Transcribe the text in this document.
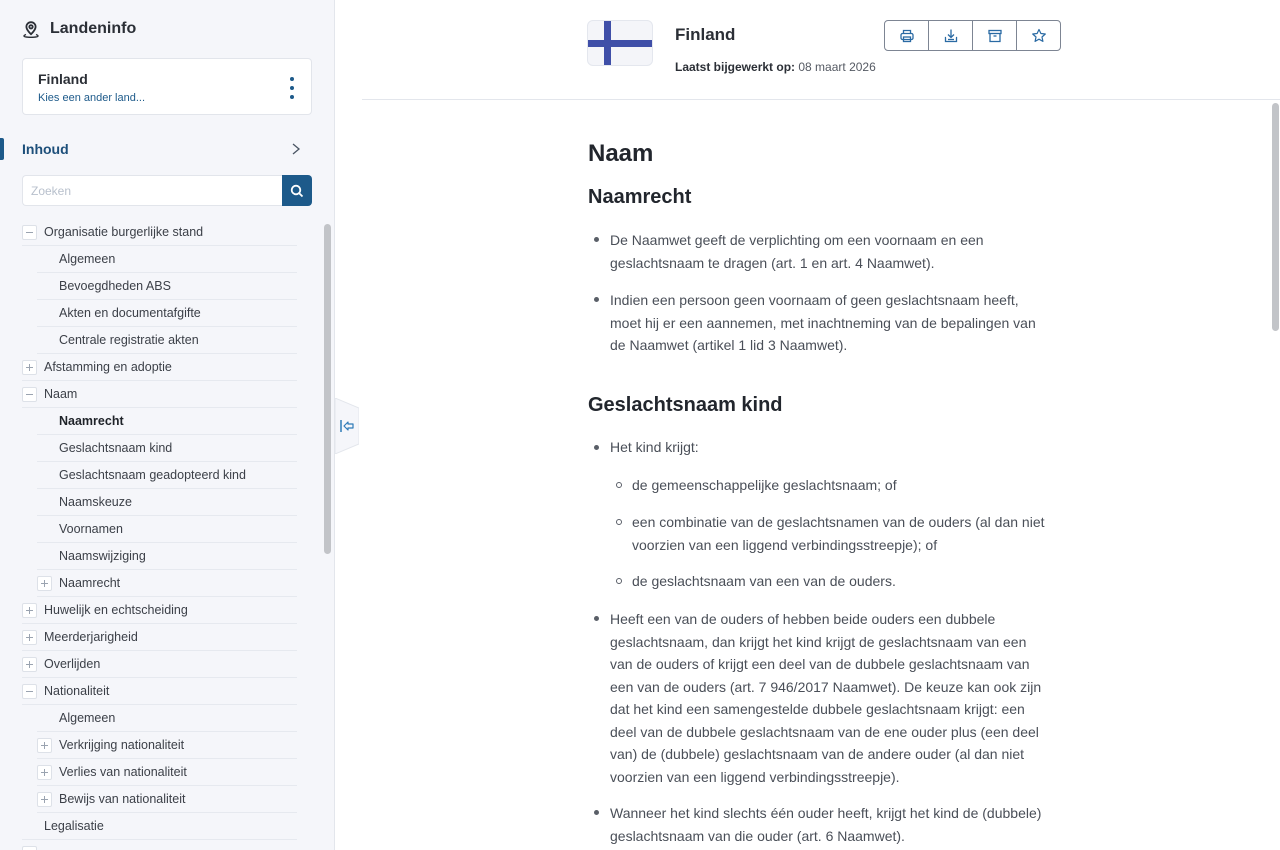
Landeninfo
Finland
Kies een ander land...
Inhoud
Zoeken
Organisatie burgerlijke stand
Algemeen
Bevoegdheden ABS
Akten en documentafgifte
Centrale registratie akten
Afstamming en adoptie
Naam
Naamrecht
Geslachtsnaam kind
Geslachtsnaam geadopteerd kind
Naamskeuze
Voornamen
Naamswijziging
Naamrecht
Huwelijk en echtscheiding
Meerderjarigheid
Overlijden
Nationaliteit
Algemeen
Verkrijging nationaliteit
Verlies van nationaliteit
Bewijs van nationaliteit
Legalisatie
Finland
Laatst bijgewerkt op: 08 maart 2026
Naam
Naamrecht

De Naamwet geeft de verplichting om een voornaam en een geslachtsnaam te dragen (art. 1 en art. 4 Naamwet).

Indien een persoon geen voornaam of geen geslachtsnaam heeft, moet hij er een aannemen, met inachtneming van de bepalingen van de Naamwet (artikel 1 lid 3 Naamwet).

Geslachtsnaam kind

Het kind krijgt:

de gemeenschappelijke geslachtsnaam; of

een combinatie van de geslachtsnamen van de ouders (al dan niet voorzien van een liggend verbindingsstreepje); of

de geslachtsnaam van een van de ouders.

Heeft een van de ouders of hebben beide ouders een dubbele geslachtsnaam, dan krijgt het kind krijgt de geslachtsnaam van een van de ouders of krijgt een deel van de dubbele geslachtsnaam van een van de ouders (art. 7 946/2017 Naamwet). De keuze kan ook zijn dat het kind een samengestelde dubbele geslachtsnaam krijgt: een deel van de dubbele geslachtsnaam van de ene ouder plus (een deel van) de (dubbele) geslachtsnaam van de andere ouder (al dan niet voorzien van een liggend verbindingsstreepje).

Wanneer het kind slechts één ouder heeft, krijgt het kind de (dubbele) geslachtsnaam van die ouder (art. 6 Naamwet).
